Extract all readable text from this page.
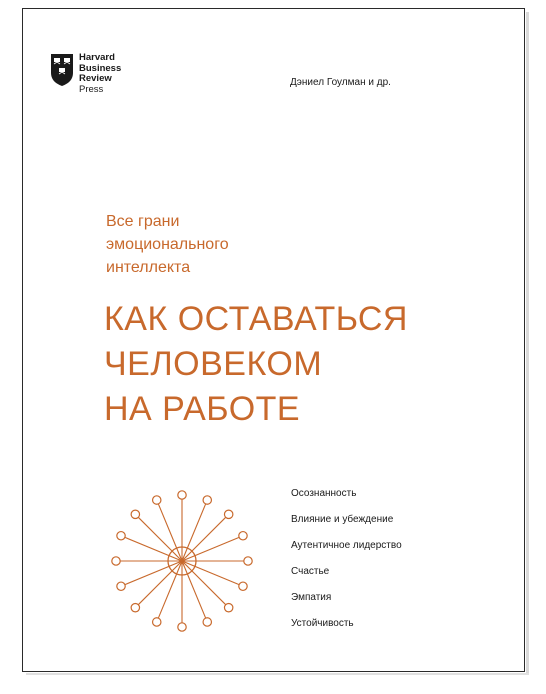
Harvard
Business
Review
Press
Дэниел Гоулман и др.
Все грани
эмоционального
интеллекта
КАК ОСТАВАТЬСЯ
ЧЕЛОВЕКОМ
НА РАБОТЕ
Осознанность
Влияние и убеждение
Аутентичное лидерство
Счастье
Эмпатия
Устойчивость
